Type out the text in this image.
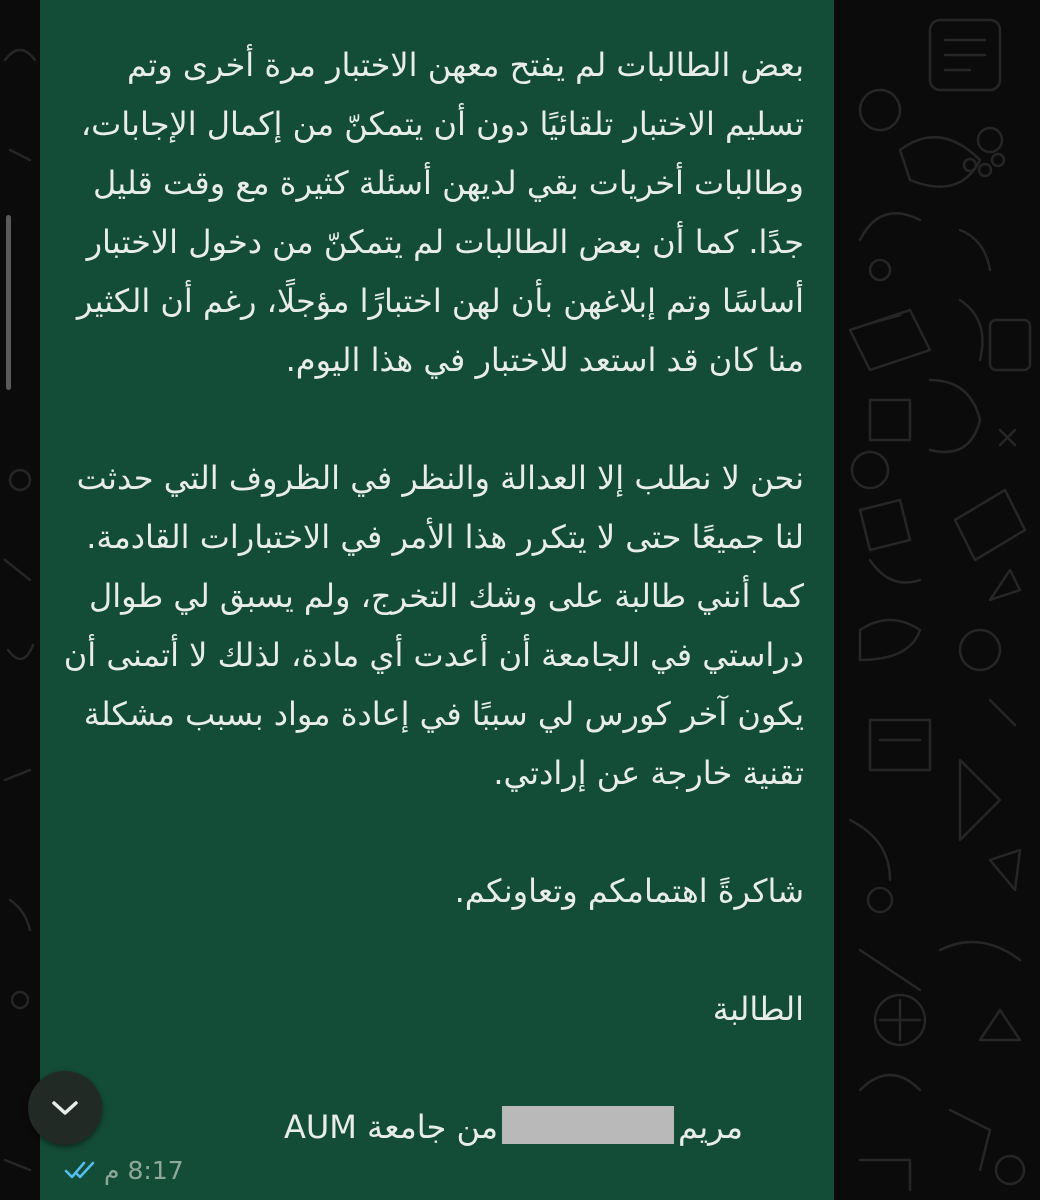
بعض الطالبات لم يفتح معهن الاختبار مرة أخرى وتم تسليم الاختبار تلقائيًا دون أن يتمكنّ من إكمال الإجابات، وطالبات أخريات بقي لديهن أسئلة كثيرة مع وقت قليل جدًا. كما أن بعض الطالبات لم يتمكنّ من دخول الاختبار أساسًا وتم إبلاغهن بأن لهن اختبارًا مؤجلًا، رغم أن الكثير منا كان قد استعد للاختبار في هذا اليوم.

نحن لا نطلب إلا العدالة والنظر في الظروف التي حدثت لنا جميعًا حتى لا يتكرر هذا الأمر في الاختبارات القادمة. كما أنني طالبة على وشك التخرج، ولم يسبق لي طوال دراستي في الجامعة أن أعدت أي مادة، لذلك لا أتمنى أن يكون آخر كورس لي سببًا في إعادة مواد بسبب مشكلة تقنية خارجة عن إرادتي.

شاكرةً اهتمامكم وتعاونكم.

الطالبة

مريممن جامعة AUM

م 8:17
